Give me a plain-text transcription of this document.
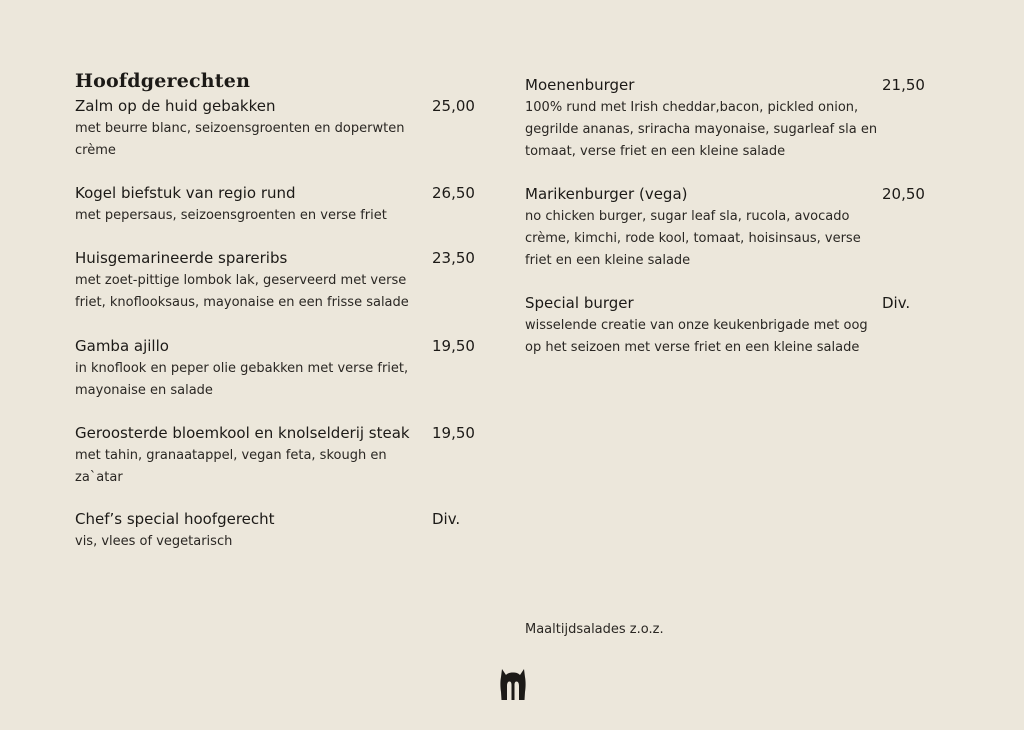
Hoofdgerechten
Zalm op de huid gebakken	25,00
met beurre blanc, seizoensgroenten en doperwten crème
Kogel biefstuk van regio rund	26,50
met pepersaus, seizoensgroenten en verse friet
Huisgemarineerde spareribs	23,50
met zoet-pittige lombok lak, geserveerd met verse friet, knoflooksaus, mayonaise en een frisse salade
Gamba ajillo	19,50
in knoflook en peper olie gebakken met verse friet, mayonaise en salade
Geroosterde bloemkool en knolselderij steak 19,50
met tahin, granaatappel, vegan feta, skough en za`atar
Chef’s special hoofgerecht	Div.
vis, vlees of vegetarisch
Moenenburger	21,50
100% rund met Irish cheddar,bacon, pickled onion, gegrilde ananas, sriracha mayonaise, sugarleaf sla en tomaat, verse friet en een kleine salade
Marikenburger (vega)	20,50
no chicken burger, sugar leaf sla, rucola, avocado crème, kimchi, rode kool, tomaat, hoisinsaus, verse friet en een kleine salade
Special burger	Div.
wisselende creatie van onze keukenbrigade met oog op het seizoen met verse friet en een kleine salade
Maaltijdsalades z.o.z.
